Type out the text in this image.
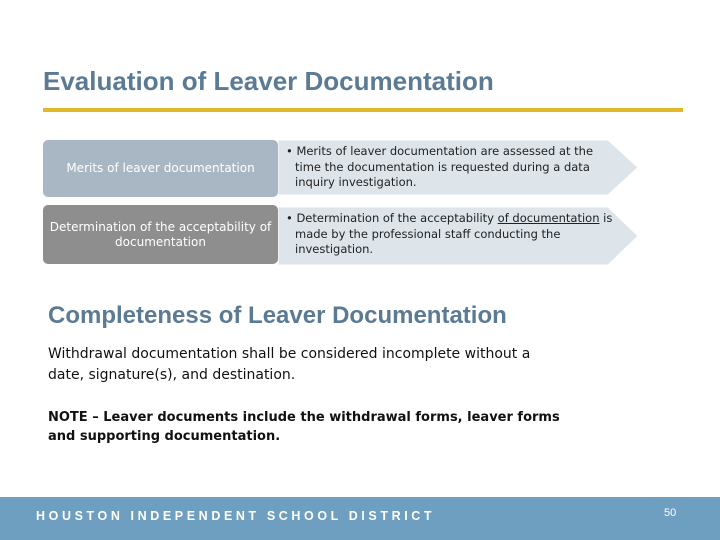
Evaluation of Leaver Documentation
Merits of leaver documentation
• Merits of leaver documentation are assessed at the time the documentation is requested during a data inquiry investigation.
Determination of the acceptability of documentation
• Determination of the acceptability of documentation is made by the professional staff conducting the investigation.
Completeness of Leaver Documentation
Withdrawal documentation shall be considered incomplete without a date, signature(s), and destination.
NOTE – Leaver documents include the withdrawal forms, leaver forms and supporting documentation.
HOUSTON INDEPENDENT SCHOOL DISTRICT	50
